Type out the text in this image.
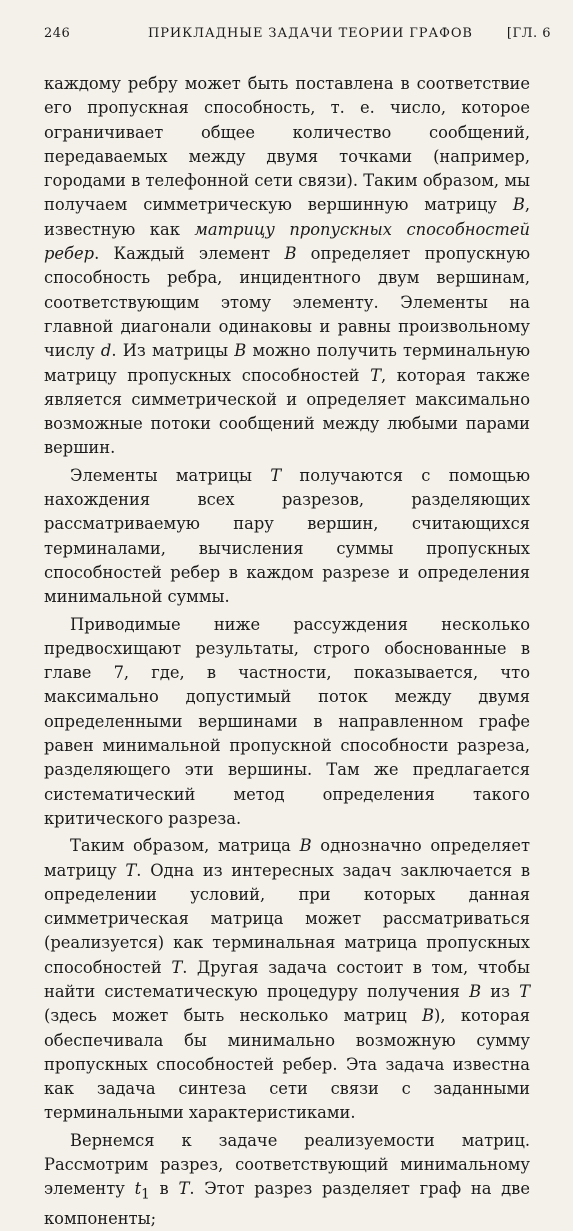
246	ПРИКЛАДНЫЕ ЗАДАЧИ ТЕОРИИ ГРАФОВ	[ГЛ. 6

каждому ребру может быть поставлена в соответствие его пропускная способность, т. е. число, которое ограничивает общее количество сообщений, передаваемых между двумя точками (например, городами в телефонной сети связи). Таким образом, мы получаем симметрическую вершинную матрицу B, известную как матрицу пропускных способностей ребер. Каждый элемент B определяет пропускную способность ребра, инцидентного двум вершинам, соответствующим этому элементу. Элементы на главной диагонали одинаковы и равны произвольному числу d. Из матрицы B можно получить терминальную матрицу пропускных способностей T, которая также является симметрической и определяет максимально возможные потоки сообщений между любыми парами вершин.

Элементы матрицы T получаются с помощью нахождения всех разрезов, разделяющих рассматриваемую пару вершин, считающихся терминалами, вычисления суммы пропускных способностей ребер в каждом разрезе и определения минимальной суммы.

Приводимые ниже рассуждения несколько предвосхищают результаты, строго обоснованные в главе 7, где, в частности, показывается, что максимально допустимый поток между двумя определенными вершинами в направленном графе равен минимальной пропускной способности разреза, разделяющего эти вершины. Там же предлагается систематический метод определения такого критического разреза.

Таким образом, матрица B однозначно определяет матрицу T. Одна из интересных задач заключается в определении условий, при которых данная симметрическая матрица может рассматриваться (реализуется) как терминальная матрица пропускных способностей T. Другая задача состоит в том, чтобы найти систематическую процедуру получения B из T (здесь может быть несколько матриц B), которая обеспечивала бы минимально возможную сумму пропускных способностей ребер. Эта задача известна как задача синтеза сети связи с заданными терминальными характеристиками.

Вернемся к задаче реализуемости матриц. Рассмотрим разрез, соответствующий минимальному элементу $t_1$ в T. Этот разрез разделяет граф на две компоненты;
